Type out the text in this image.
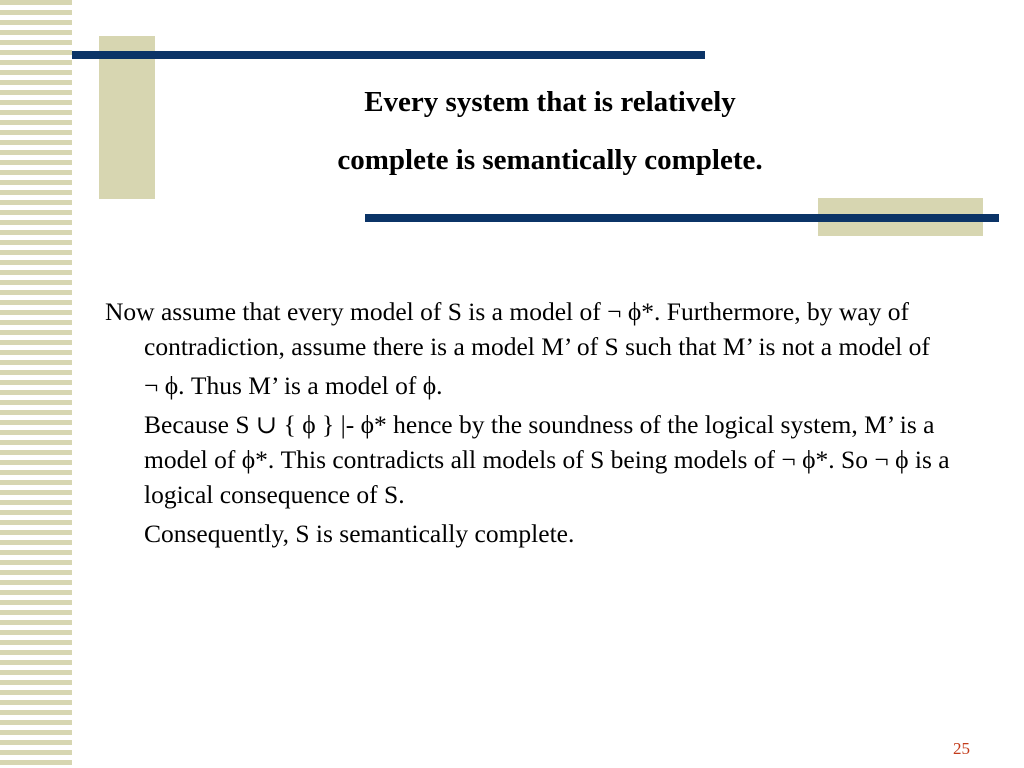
Every system that is relatively
complete is semantically complete.

Now assume that every model of S is a model of ¬ ϕ*. Furthermore, by way of contradiction, assume there is a model M’ of S such that M’ is not a model of

¬ ϕ. Thus M’ is a model of ϕ.

Because S ∪ { ϕ } |- ϕ* hence by the soundness of the logical system, M’ is a model of ϕ*. This contradicts all models of S being models of ¬ ϕ*. So ¬ ϕ is a logical consequence of S.

Consequently, S is semantically complete.

25
